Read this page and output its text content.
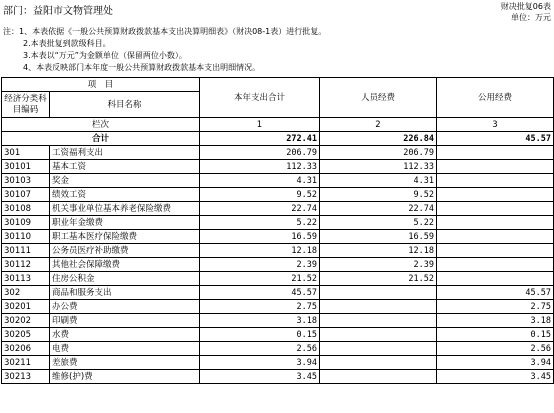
部门：益阳市文物管理处	财决批复06表
单位：万元
注：1、本表依据《一般公共预算财政拨款基本支出决算明细表》（财决08-1表）进行批复。
2.本表批复到款级科目。
3.本表以“万元”为金额单位（保留两位小数）。
4、本表反映部门本年度一般公共预算财政拨款基本支出明细情况。
项　目		本年支出合计	人员经费	公用经费
经济分类科目编码	科目名称			
栏次		1	2	3
合计		272.41	226.84	45.57
301	工资福利支出	206.79	206.79	
30101	基本工资	112.33	112.33	
30103	奖金	4.31	4.31	
30107	绩效工资	9.52	9.52	
30108	机关事业单位基本养老保险缴费	22.74	22.74	
30109	职业年金缴费	5.22	5.22	
30110	职工基本医疗保险缴费	16.59	16.59	
30111	公务员医疗补助缴费	12.18	12.18	
30112	其他社会保障缴费	2.39	2.39	
30113	住房公积金	21.52	21.52	
302	商品和服务支出	45.57		45.57
30201	办公费	2.75		2.75
30202	印刷费	3.18		3.18
30205	水费	0.15		0.15
30206	电费	2.56		2.56
30211	差旅费	3.94		3.94
30213	维修(护)费	3.45		3.45
